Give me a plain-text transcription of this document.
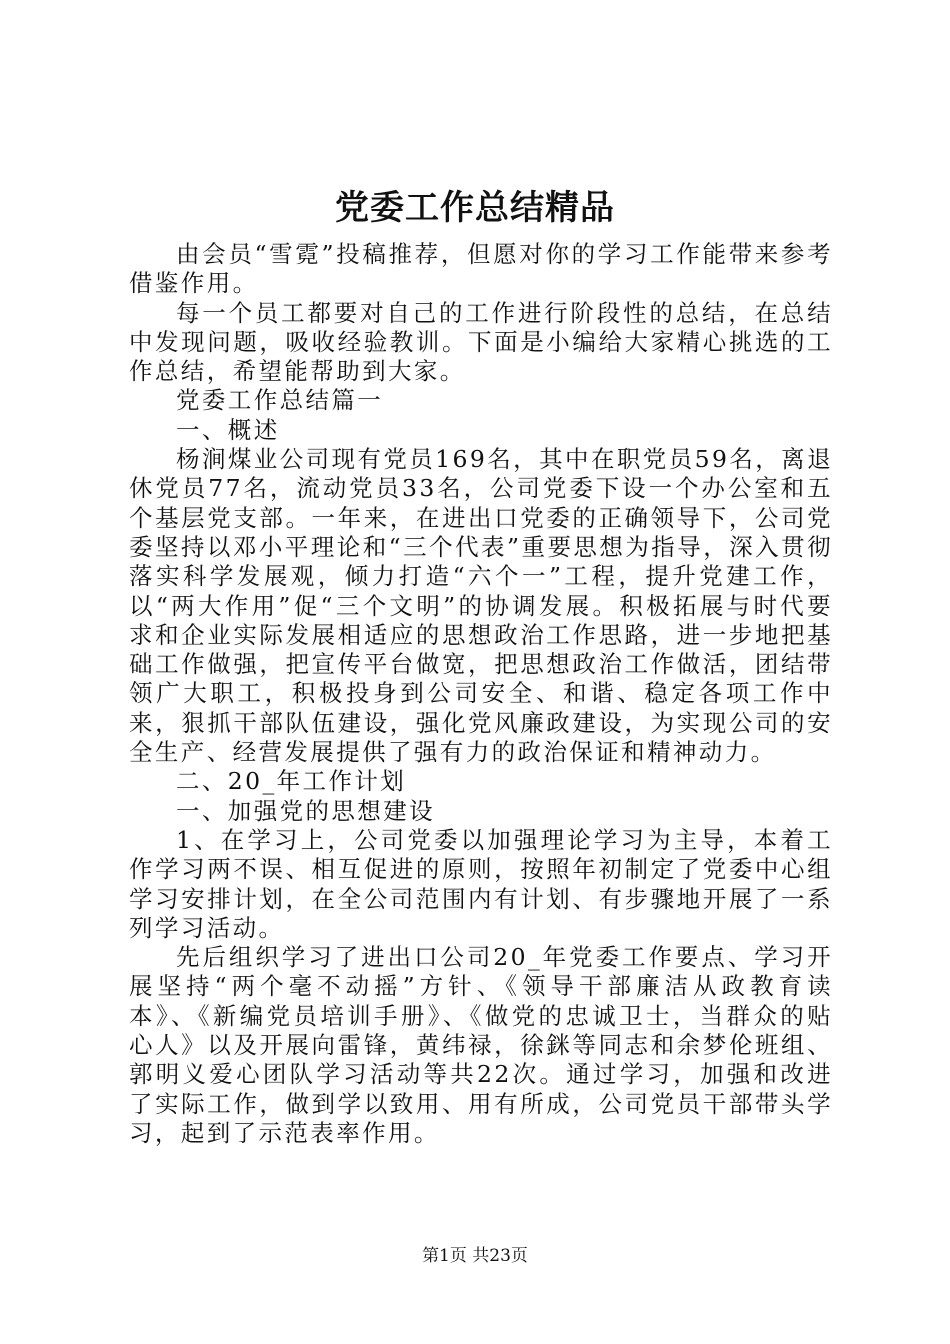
党委工作总结精品

由会员“雪霓”投稿推荐，但愿对你的学习工作能带来参考借鉴作用。

每一个员工都要对自己的工作进行阶段性的总结，在总结中发现问题，吸收经验教训。下面是小编给大家精心挑选的工作总结，希望能帮助到大家。

党委工作总结篇一

一、概述

杨涧煤业公司现有党员169名，其中在职党员59名，离退休党员77名，流动党员33名，公司党委下设一个办公室和五个基层党支部。一年来，在进出口党委的正确领导下，公司党委坚持以邓小平理论和“三个代表”重要思想为指导，深入贯彻落实科学发展观，倾力打造“六个一”工程，提升党建工作，以“两大作用”促“三个文明”的协调发展。积极拓展与时代要求和企业实际发展相适应的思想政治工作思路，进一步地把基础工作做强，把宣传平台做宽，把思想政治工作做活，团结带领广大职工，积极投身到公司安全、和谐、稳定各项工作中来，狠抓干部队伍建设，强化党风廉政建设，为实现公司的安全生产、经营发展提供了强有力的政治保证和精神动力。

二、20_年工作计划

一、加强党的思想建设

1、在学习上，公司党委以加强理论学习为主导，本着工作学习两不误、相互促进的原则，按照年初制定了党委中心组学习安排计划，在全公司范围内有计划、有步骤地开展了一系列学习活动。

先后组织学习了进出口公司20_年党委工作要点、学习开展坚持“两个毫不动摇”方针、《领导干部廉洁从政教育读本》、《新编党员培训手册》、《做党的忠诚卫士，当群众的贴心人》以及开展向雷锋，黄纬禄，徐銤等同志和余梦伦班组、郭明义爱心团队学习活动等共22次。通过学习，加强和改进了实际工作，做到学以致用、用有所成，公司党员干部带头学习，起到了示范表率作用。

第1页 共23页
